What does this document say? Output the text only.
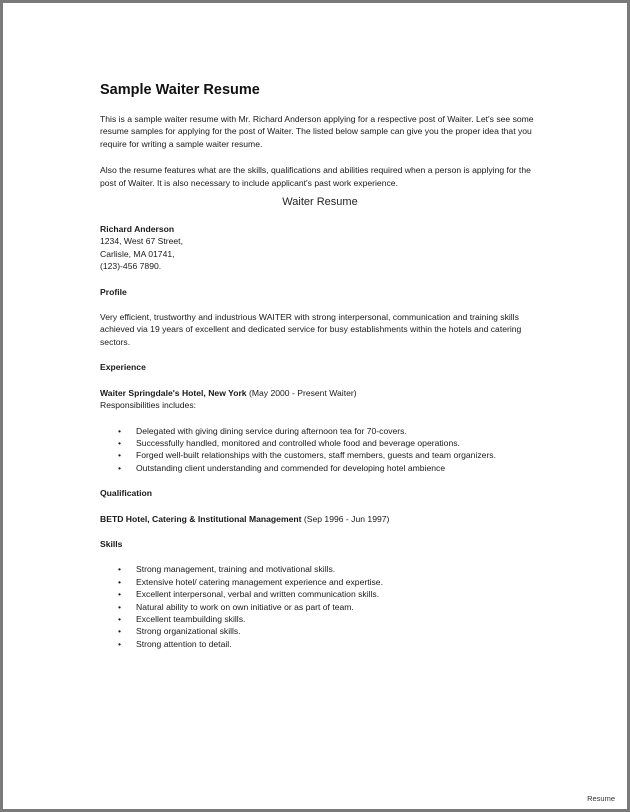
Sample Waiter Resume

This is a sample waiter resume with Mr. Richard Anderson applying for a respective post of Waiter. Let's see some resume samples for applying for the post of Waiter. The listed below sample can give you the proper idea that you require for writing a sample waiter resume.

Also the resume features what are the skills, qualifications and abilities required when a person is applying for the post of Waiter. It is also necessary to include applicant's past work experience.

Waiter Resume

Richard Anderson

1234, West 67 Street,

Carlisle, MA 01741,

(123)-456 7890.

Profile

Very efficient, trustworthy and industrious WAITER with strong interpersonal, communication and training skills achieved via 19 years of excellent and dedicated service for busy establishments within the hotels and catering sectors.

Experience

Waiter Springdale's Hotel, New York (May 2000 - Present Waiter)

Responsibilities includes:

• Delegated with giving dining service during afternoon tea for 70-covers.
• Successfully handled, monitored and controlled whole food and beverage operations.
• Forged well-built relationships with the customers, staff members, guests and team organizers.
• Outstanding client understanding and commended for developing hotel ambience

Qualification

BETD Hotel, Catering & Institutional Management (Sep 1996 - Jun 1997)

Skills

• Strong management, training and motivational skills.
• Extensive hotel/ catering management experience and expertise.
• Excellent interpersonal, verbal and written communication skills.
• Natural ability to work on own initiative or as part of team.
• Excellent teambuilding skills.
• Strong organizational skills.
• Strong attention to detail.
Resume
